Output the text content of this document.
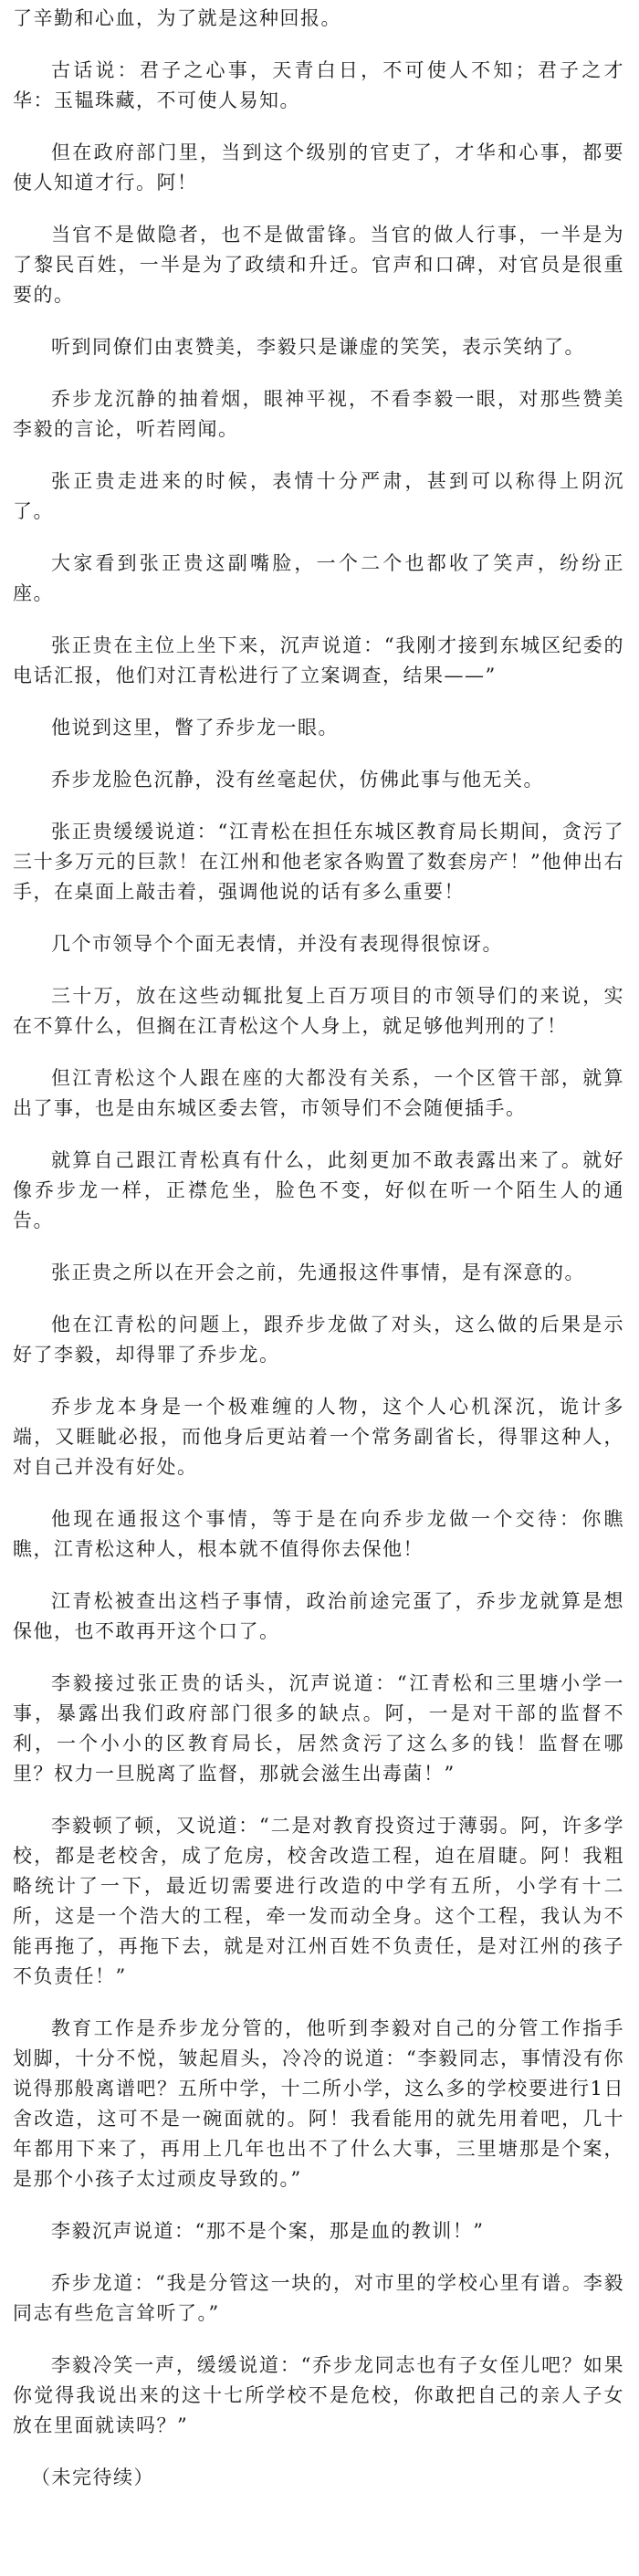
了辛勤和心血，为了就是这种回报。

古话说：君子之心事，天青白日，不可使人不知；君子之才华：玉韫珠藏，不可使人易知。

但在政府部门里，当到这个级别的官吏了，才华和心事，都要使人知道才行。阿！

当官不是做隐者，也不是做雷锋。当官的做人行事，一半是为了黎民百姓，一半是为了政绩和升迁。官声和口碑，对官员是很重要的。

听到同僚们由衷赞美，李毅只是谦虚的笑笑，表示笑纳了。

乔步龙沉静的抽着烟，眼神平视，不看李毅一眼，对那些赞美李毅的言论，听若罔闻。

张正贵走进来的时候，表情十分严肃，甚到可以称得上阴沉了。

大家看到张正贵这副嘴脸，一个二个也都收了笑声，纷纷正座。

张正贵在主位上坐下来，沉声说道：“我刚才接到东城区纪委的电话汇报，他们对江青松进行了立案调查，结果——”

他说到这里，瞥了乔步龙一眼。

乔步龙脸色沉静，没有丝毫起伏，仿佛此事与他无关。

张正贵缓缓说道：“江青松在担任东城区教育局长期间，贪污了三十多万元的巨款！在江州和他老家各购置了数套房产！”他伸出右手，在桌面上敲击着，强调他说的话有多么重要！

几个市领导个个面无表情，并没有表现得很惊讶。

三十万，放在这些动辄批复上百万项目的市领导们的来说，实在不算什么，但搁在江青松这个人身上，就足够他判刑的了！

但江青松这个人跟在座的大都没有关系，一个区管干部，就算出了事，也是由东城区委去管，市领导们不会随便插手。

就算自己跟江青松真有什么，此刻更加不敢表露出来了。就好像乔步龙一样，正襟危坐，脸色不变，好似在听一个陌生人的通告。

张正贵之所以在开会之前，先通报这件事情，是有深意的。

他在江青松的问题上，跟乔步龙做了对头，这么做的后果是示好了李毅，却得罪了乔步龙。

乔步龙本身是一个极难缠的人物，这个人心机深沉，诡计多端，又睚眦必报，而他身后更站着一个常务副省长，得罪这种人，对自己并没有好处。

他现在通报这个事情，等于是在向乔步龙做一个交待：你瞧瞧，江青松这种人，根本就不值得你去保他！

江青松被查出这档子事情，政治前途完蛋了，乔步龙就算是想保他，也不敢再开这个口了。

李毅接过张正贵的话头，沉声说道：“江青松和三里塘小学一事，暴露出我们政府部门很多的缺点。阿，一是对干部的监督不利，一个小小的区教育局长，居然贪污了这么多的钱！监督在哪里？权力一旦脱离了监督，那就会滋生出毒菌！”

李毅顿了顿，又说道：“二是对教育投资过于薄弱。阿，许多学校，都是老校舍，成了危房，校舍改造工程，迫在眉睫。阿！我粗略统计了一下，最近切需要进行改造的中学有五所，小学有十二所，这是一个浩大的工程，牵一发而动全身。这个工程，我认为不能再拖了，再拖下去，就是对江州百姓不负责任，是对江州的孩子不负责任！”

教育工作是乔步龙分管的，他听到李毅对自己的分管工作指手划脚，十分不悦，皱起眉头，冷冷的说道：“李毅同志，事情没有你说得那般离谱吧？五所中学，十二所小学，这么多的学校要进行1日舍改造，这可不是一碗面就的。阿！我看能用的就先用着吧，几十年都用下来了，再用上几年也出不了什么大事，三里塘那是个案，是那个小孩子太过顽皮导致的。”

李毅沉声说道：“那不是个案，那是血的教训！”

乔步龙道：“我是分管这一块的，对市里的学校心里有谱。李毅同志有些危言耸听了。”

李毅冷笑一声，缓缓说道：“乔步龙同志也有子女侄儿吧？如果你觉得我说出来的这十七所学校不是危校，你敢把自己的亲人子女放在里面就读吗？”

（未完待续）
